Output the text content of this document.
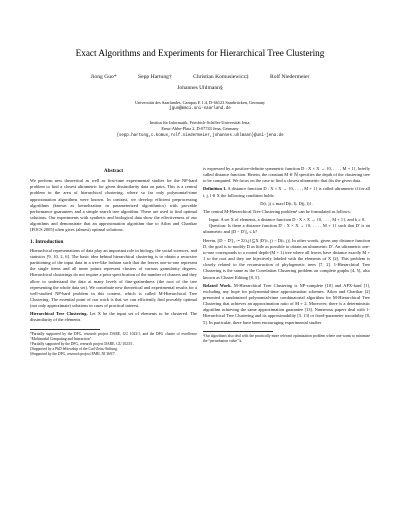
Exact Algorithms and Experiments for Hierarchical Tree Clustering
Jiong Guo*	Sepp Hartung†	Christian Komusiewicz‡	Rolf Niedermeier
Johannes Uhlmann§
Universität des Saarlandes, Campus E 1.4, D-66123 Saarbrücken, Germany
jguo@mmci.uni-saarland.de
Institut für Informatik, Friedrich-Schiller-Universität Jena,
Ernst-Abbe-Platz 2, D-07743 Jena, Germany
{sepp.hartung,c.komus,rolf.niedermeier,johannes.uhlmann}@uni-jena.de
Abstract

We perform new theoretical as well as first-time experimental studies for the NP-hard problem to find a closest ultrametric for given dissimilarity data on pairs. This is a central problem in the area of hierarchical clustering, where so far only polynomial-time approximation algorithms were known. In contrast, we develop efficient preprocessing algorithms (known as kernelization in parameterized algorithmics) with provable performance guarantees and a simple search tree algorithm. These are used to find optimal solutions. Our experiments with synthetic and biological data show the effectiveness of our algorithms and demonstrate that an approximation algorithm due to Ailon and Charikar [FOCS 2005] often gives (almost) optimal solutions.

1. Introduction

Hierarchical representations of data play an important role in biology, the social sciences, and statistics [9, 10, 2, 6]. The basic idea behind hierarchical clustering is to obtain a recursive partitioning of the input data in a tree-like fashion such that the leaves one-to-one represent the single items and all inner points represent clusters of various granularity degrees. Hierarchical clusterings do not require a prior specification of the number of clusters and they allow to understand the data at many levels of fine-grainedness (the root of the tree representing the whole data set). We contribute new theoretical and experimental results for a well-studied NP-hard problem in this context, which is called M-Hierarchical Tree Clustering. The essential point of our work is that we can efficiently find provably optimal (not only approximate) solutions in cases of practical interest.

Hierarchical Tree Clustering. Let X be the input set of elements to be clustered. The dissimilarity of the elements

*Partially supported by the DFG, research project DARE, GU 1023/1, and the DFG cluster of excellence “Multimodal Computing and Interaction”.
†Partially supported by the DFG, research project DARE, GU 1023/1.
‡Supported by a PhD fellowship of the Carl-Zeiss-Stiftung.
§Supported by the DFG, research project PABI, NI 369/7.

is expressed by a positive-definite symmetric function D : X × X → {0, . . . , M + 1}, briefly called distance function. Herein, the constant M ∈ ℕ specifies the depth of the clustering tree to be computed. We focus on the case to find a closest ultrametric that fits the given data.

Definition 1. A distance function D : X × X → {0, . . . , M + 1} is called ultrametric if for all i, j, l ∈ X the following condition holds:

D(i, j) ≤ max{D(i, l), D(j, l)}.

The central M-Hierarchical Tree Clustering problem¹ can be formulated as follows:

Input: A set X of elements, a distance function D : X × X → {0, . . . , M + 1}, and k ≥ 0.

Question: Is there a distance function D′ : X × X → {0, . . . , M + 1} such that D′ is an ultrametric and ||D − D′||₁ ≤ k?

Herein, ||D − D′||₁ := Σ{i,j}⊆X |D′(i, j) − D(i, j)|. In other words, given any distance function D, the goal is to modify D as little as possible to obtain an ultrametric D′. An ultrametric one-to-one corresponds to a rooted depth-(M + 1) tree where all leaves have distance exactly M + 1 to the root and they are bijectively labeled with the elements of X [2]. This problem is closely related to the reconstruction of phylogenetic trees [7, 2]. 1-Hierarchical Tree Clustering is the same as the Correlation Clustering problem on complete graphs [4, 5], also known as Cluster Editing [8, 5].

Related Work. M-Hierarchical Tree Clustering is NP-complete [10] and APX-hard [1], excluding any hope for polynomial-time approximation schemes. Ailon and Charikar [2] presented a randomized polynomial-time combinatorial algorithm for M-Hierarchical Tree Clustering that achieves an approximation ratio of M + 2. Moreover, there is a deterministic algorithm achieving the same approximation guarantee [13]. Numerous papers deal with 1-Hierarchical Tree Clustering and its approximability [3, 13] or fixed-parameter tractability [8, 5]. In particular, there have been encouraging experimental studies

¹Our algorithms also deal with the practically more relevant optimization problem where one wants to minimize the “perturbation value” k.
